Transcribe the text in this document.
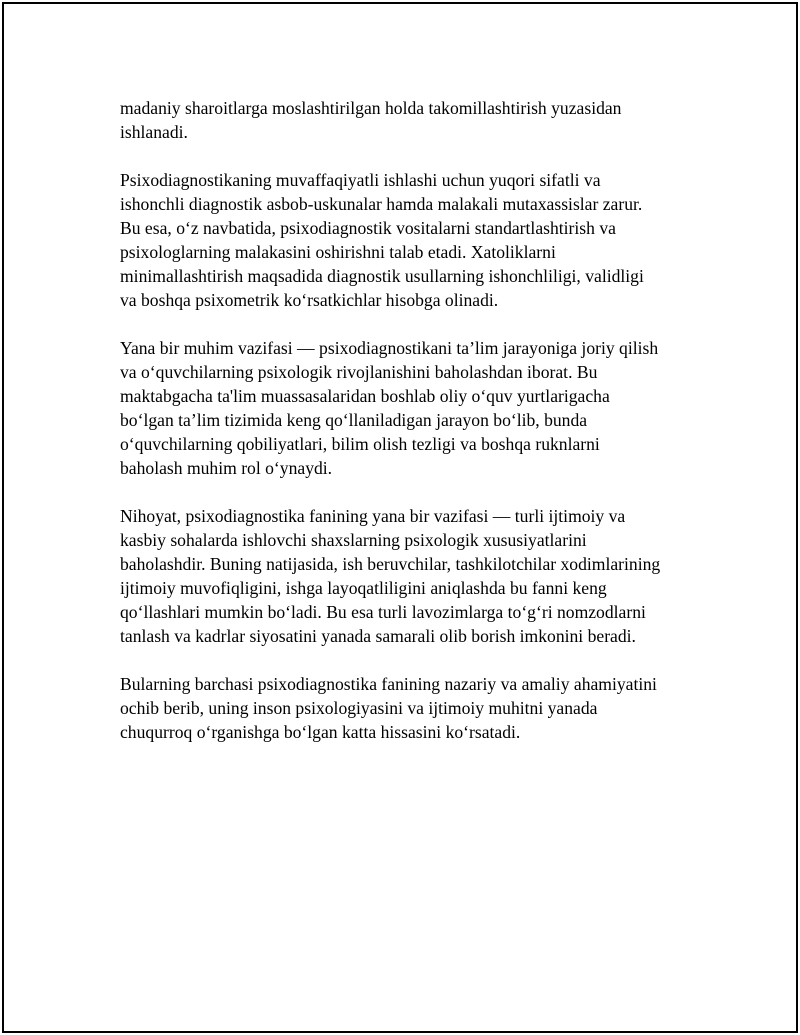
madaniy sharoitlarga moslashtirilgan holda takomillashtirish yuzasidan
ishlanadi.

Psixodiagnostikaning muvaffaqiyatli ishlashi uchun yuqori sifatli va
ishonchli diagnostik asbob-uskunalar hamda malakali mutaxassislar zarur.
Bu esa, o‘z navbatida, psixodiagnostik vositalarni standartlashtirish va
psixologlarning malakasini oshirishni talab etadi. Xatoliklarni
minimallashtirish maqsadida diagnostik usullarning ishonchliligi, validligi
va boshqa psixometrik ko‘rsatkichlar hisobga olinadi.

Yana bir muhim vazifasi — psixodiagnostikani ta’lim jarayoniga joriy qilish
va o‘quvchilarning psixologik rivojlanishini baholashdan iborat. Bu
maktabgacha ta'lim muassasalaridan boshlab oliy o‘quv yurtlarigacha
bo‘lgan ta’lim tizimida keng qo‘llaniladigan jarayon bo‘lib, bunda
o‘quvchilarning qobiliyatlari, bilim olish tezligi va boshqa ruknlarni
baholash muhim rol o‘ynaydi.

Nihoyat, psixodiagnostika fanining yana bir vazifasi — turli ijtimoiy va
kasbiy sohalarda ishlovchi shaxslarning psixologik xususiyatlarini
baholashdir. Buning natijasida, ish beruvchilar, tashkilotchilar xodimlarining
ijtimoiy muvofiqligini, ishga layoqatliligini aniqlashda bu fanni keng
qo‘llashlari mumkin bo‘ladi. Bu esa turli lavozimlarga to‘g‘ri nomzodlarni
tanlash va kadrlar siyosatini yanada samarali olib borish imkonini beradi.

Bularning barchasi psixodiagnostika fanining nazariy va amaliy ahamiyatini
ochib berib, uning inson psixologiyasini va ijtimoiy muhitni yanada
chuqurroq o‘rganishga bo‘lgan katta hissasini ko‘rsatadi.
